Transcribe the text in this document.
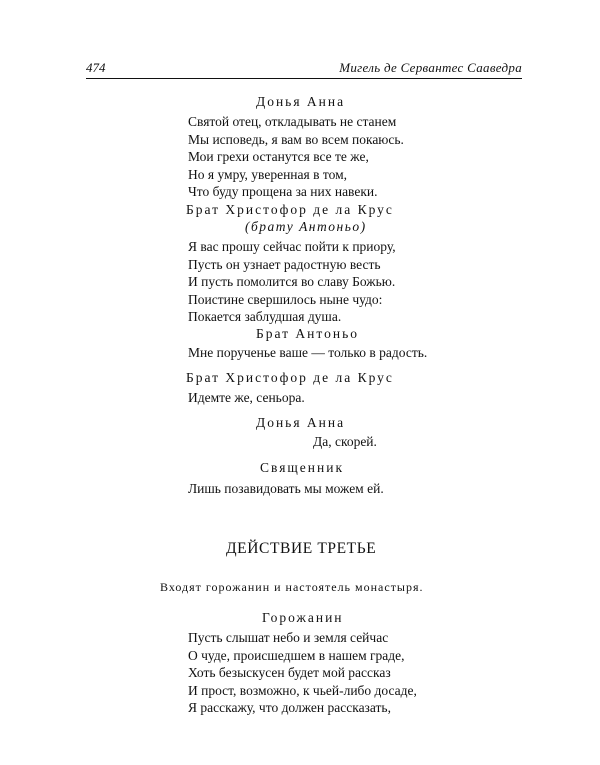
474	Мигель де Сервантес Сааведра
Донья Анна
Святой отец, откладывать не станем
Мы исповедь, я вам во всем покаюсь.
Мои грехи останутся все те же,
Но я умру, уверенная в том,
Что буду прощена за них навеки.
Брат Христофор де ла Крус
(брату Антоньо)
Я вас прошу сейчас пойти к приору,
Пусть он узнает радостную весть
И пусть помолится во славу Божью.
Поистине свершилось ныне чудо:
Покается заблудшая душа.
Брат Антоньо
Мне порученье ваше — только в радость.
Брат Христофор де ла Крус
Идемте же, сеньора.
Донья Анна
Да, скорей.
Священник
Лишь позавидовать мы можем ей.
ДЕЙСТВИЕ ТРЕТЬЕ
Входят горожанин и настоятель монастыря.
Горожанин
Пусть слышат небо и земля сейчас
О чуде, происшедшем в нашем граде,
Хоть безыскусен будет мой рассказ
И прост, возможно, к чьей-либо досаде,
Я расскажу, что должен рассказать,
